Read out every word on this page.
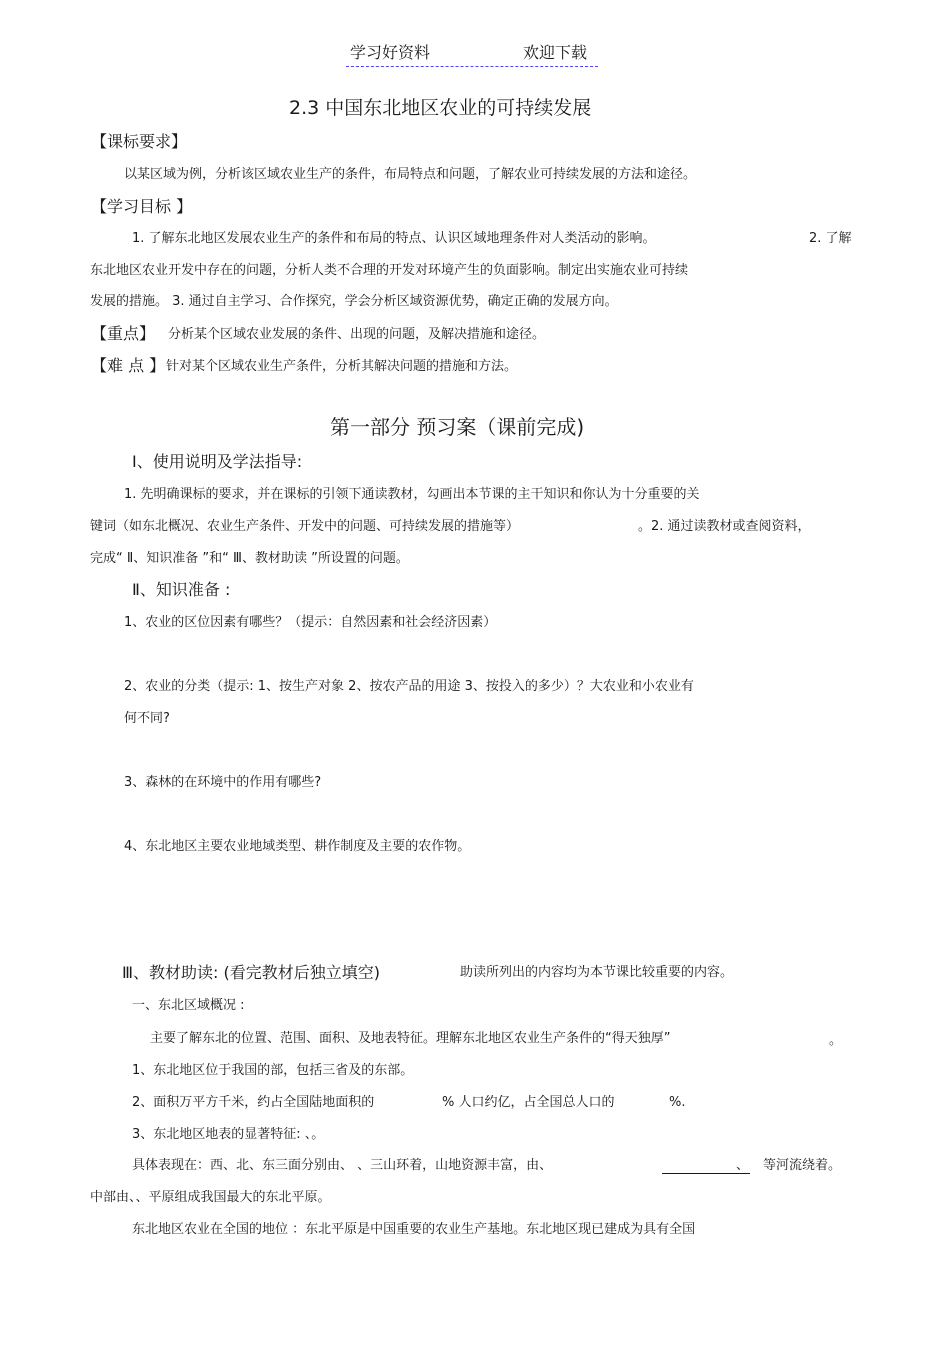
学习好资料	欢迎下载
2.3 中国东北地区农业的可持续发展
【课标要求】
以某区域为例，分析该区域农业生产的条件，布局特点和问题，了解农业可持续发展的方法和途径。
【学习目标 】
1. 了解东北地区发展农业生产的条件和布局的特点、认识区域地理条件对人类活动的影响。	2. 了解
东北地区农业开发中存在的问题，分析人类不合理的开发对环境产生的负面影响。制定出实施农业可持续
发展的措施。 3. 通过自主学习、合作探究，学会分析区域资源优势，确定正确的发展方向。
【重点】 分析某个区域农业发展的条件、出现的问题，及解决措施和途径。
【难 点 】 针对某个区域农业生产条件，分析其解决问题的措施和方法。
第一部分 预习案（课前完成)
Ⅰ、使用说明及学法指导:
1. 先明确课标的要求，并在课标的引领下通读教材，勾画出本节课的主干知识和你认为十分重要的关
键词（如东北概况、农业生产条件、开发中的问题、可持续发展的措施等）	。2. 通过读教材或查阅资料，
完成“ Ⅱ、知识准备 ”和“ Ⅲ、教材助读 ”所设置的问题。
Ⅱ、知识准备 :
1、农业的区位因素有哪些？（提示：自然因素和社会经济因素）
2、农业的分类（提示: 1、按生产对象 2、按农产品的用途 3、按投入的多少）？大农业和小农业有
何不同?
3、森林的在环境中的作用有哪些?
4、东北地区主要农业地域类型、耕作制度及主要的农作物。
Ⅲ、教材助读: (看完教材后独立填空)	助读所列出的内容均为本节课比较重要的内容。
一、东北区域概况 :
主要了解东北的位置、范围、面积、及地表特征。理解东北地区农业生产条件的“得天独厚”	。
1、东北地区位于我国的部，包括三省及的东部。
2、面积万平方千米，约占全国陆地面积的	% 人口约亿，占全国总人口的	%.
3、东北地区地表的显著特征: 、。
具体表现在：西、北、东三面分别由、 、三山环着，山地资源丰富，由、	、 等河流绕着。
中部由、、平原组成我国最大的东北平原。
东北地区农业在全国的地位 ：东北平原是中国重要的农业生产基地。东北地区现已建成为具有全国
